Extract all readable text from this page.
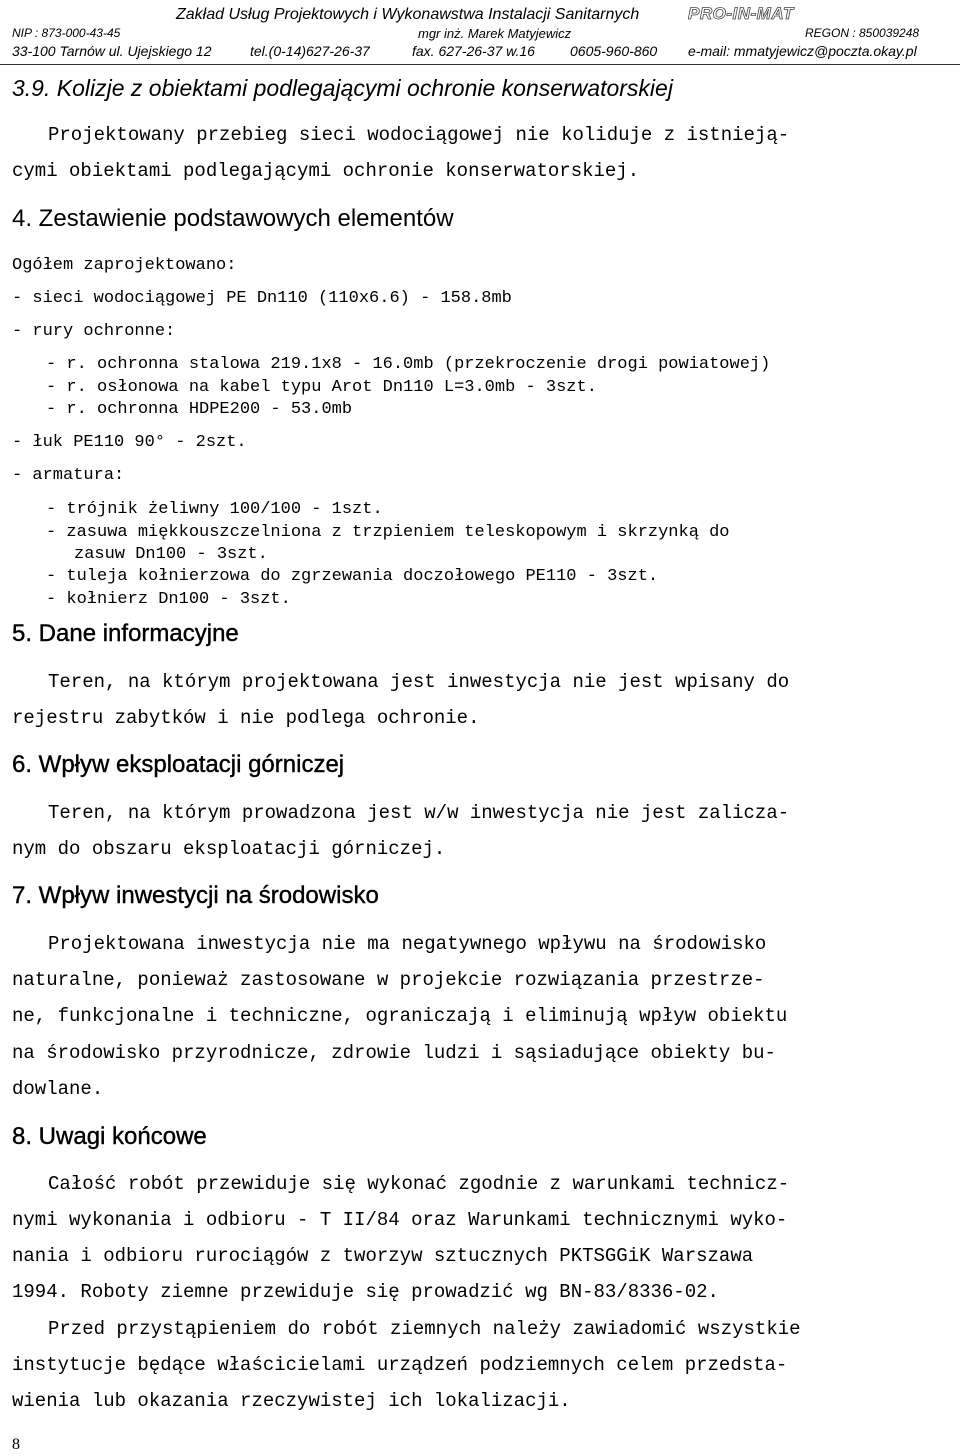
Zakład Usług Projektowych i Wykonawstwa Instalacji Sanitarnych	PRO-IN-MAT
NIP : 873-000-43-45	mgr inż. Marek Matyjewicz	REGON : 850039248
33-100 Tarnów ul. Ujejskiego 12	tel.(0-14)627-26-37	fax. 627-26-37 w.16	0605-960-860 e-mail: mmatyjewicz@poczta.okay.pl
3.9. Kolizje z obiektami podlegającymi ochronie konserwatorskiej
Projektowany przebieg sieci wodociągowej nie koliduje z istnieją-
cymi obiektami podlegającymi ochronie konserwatorskiej.
4. Zestawienie podstawowych elementów
Ogółem zaprojektowano:
- sieci wodociągowej PE Dn110 (110x6.6) - 158.8mb
- rury ochronne:
- r. ochronna stalowa 219.1x8 - 16.0mb (przekroczenie drogi powiatowej)
- r. osłonowa na kabel typu Arot Dn110 L=3.0mb - 3szt.
- r. ochronna HDPE200 - 53.0mb
- łuk PE110 90° - 2szt.
- armatura:
- trójnik żeliwny 100/100 - 1szt.
- zasuwa miękkouszczelniona z trzpieniem teleskopowym i skrzynką do
zasuw Dn100 - 3szt.
- tuleja kołnierzowa do zgrzewania doczołowego PE110 - 3szt.
- kołnierz Dn100 - 3szt.
5. Dane informacyjne
Teren, na którym projektowana jest inwestycja nie jest wpisany do
rejestru zabytków i nie podlega ochronie.
6. Wpływ eksploatacji górniczej
Teren, na którym prowadzona jest w/w inwestycja nie jest zalicza-
nym do obszaru eksploatacji górniczej.
7. Wpływ inwestycji na środowisko
Projektowana inwestycja nie ma negatywnego wpływu na środowisko
naturalne, ponieważ zastosowane w projekcie rozwiązania przestrze-
ne, funkcjonalne i techniczne, ograniczają i eliminują wpływ obiektu
na środowisko przyrodnicze, zdrowie ludzi i sąsiadujące obiekty bu-
dowlane.
8. Uwagi końcowe
Całość robót przewiduje się wykonać zgodnie z warunkami technicz-
nymi wykonania i odbioru - T II/84 oraz Warunkami technicznymi wyko-
nania i odbioru rurociągów z tworzyw sztucznych PKTSGGiK Warszawa
1994. Roboty ziemne przewiduje się prowadzić wg BN-83/8336-02.
Przed przystąpieniem do robót ziemnych należy zawiadomić wszystkie
instytucje będące właścicielami urządzeń podziemnych celem przedsta-
wienia lub okazania rzeczywistej ich lokalizacji.
8
